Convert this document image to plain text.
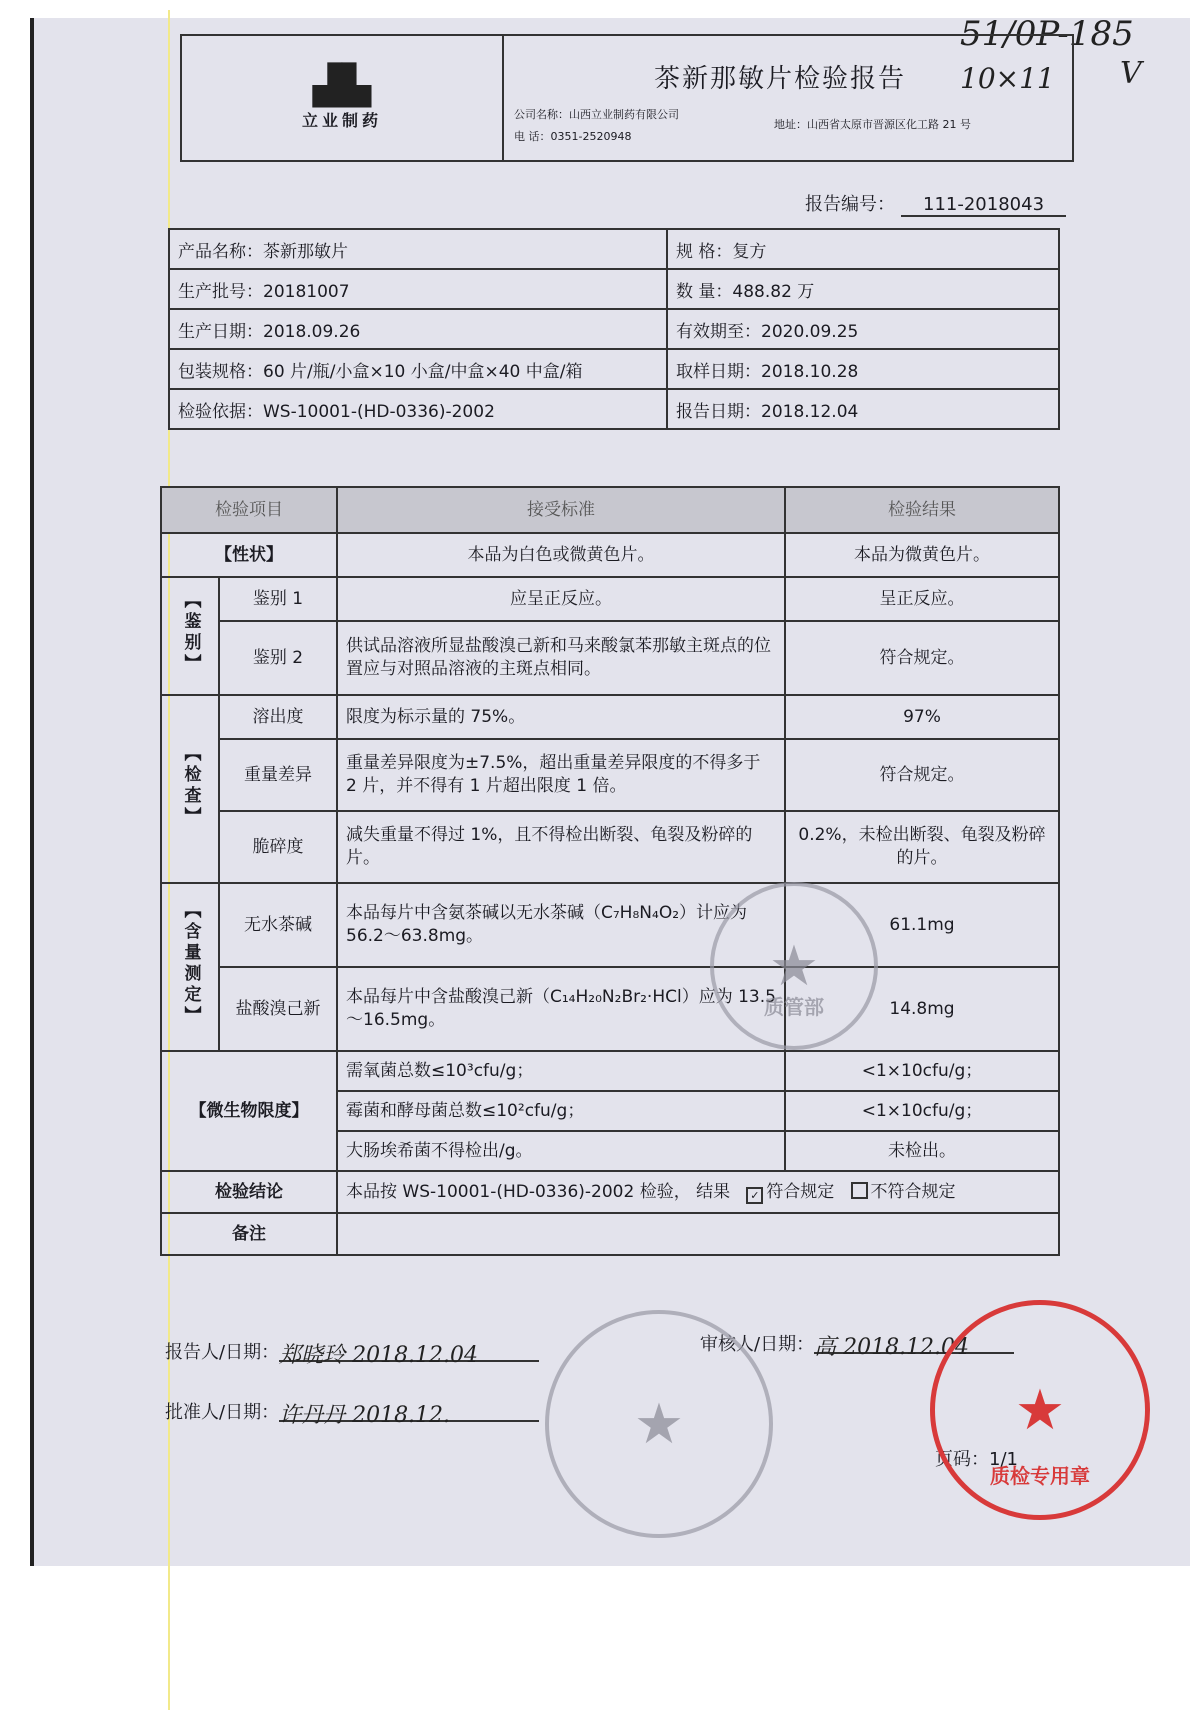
51/0P-185
10×11 V
▟▙
立业制药
茶新那敏片检验报告
公司名称：山西立业制药有限公司
地址：山西省太原市晋源区化工路 21 号
电 话：0351-2520948
报告编号： 111-2018043
产品名称：茶新那敏片	规 格：复方
生产批号：20181007	数 量：488.82 万
生产日期：2018.09.26	有效期至：2020.09.25
包装规格：60 片/瓶/小盒×10 小盒/中盒×40 中盒/箱	取样日期：2018.10.28
检验依据：WS-10001-(HD-0336)-2002	报告日期：2018.12.04
检验项目		接受标准	检验结果
【性状】		本品为白色或微黄色片。	本品为微黄色片。
【鉴别】	鉴别 1	应呈正反应。	呈正反应。
	鉴别 2	供试品溶液所显盐酸溴己新和马来酸氯苯那敏主斑点的位置应与对照品溶液的主斑点相同。	符合规定。
【检查】	溶出度	限度为标示量的 75%。	97%
	重量差异	重量差异限度为±7.5%，超出重量差异限度的不得多于 2 片，并不得有 1 片超出限度 1 倍。	符合规定。
	脆碎度	减失重量不得过 1%，且不得检出断裂、龟裂及粉碎的片。	0.2%，未检出断裂、龟裂及粉碎的片。
【含量测定】	无水茶碱	本品每片中含氨茶碱以无水茶碱（C₇H₈N₄O₂）计应为 56.2～63.8mg。	61.1mg
	盐酸溴己新	本品每片中含盐酸溴己新（C₁₄H₂₀N₂Br₂·HCl）应为 13.5～16.5mg。	14.8mg
【微生物限度】		需氧菌总数≤10³cfu/g；	<1×10cfu/g；
		霉菌和酵母菌总数≤10²cfu/g；	<1×10cfu/g；
		大肠埃希菌不得检出/g。	未检出。
检验结论		本品按 WS-10001-(HD-0336)-2002 检验， 结果 ✓ 符合规定 不符合规定	
备注			
报告人/日期： 郑晓玲 2018.12.04	审核人/日期： 高 2018.12.04
批准人/日期： 许丹丹 2018.12.
页码：1/1
★
质管部
★	★
质检专用章
